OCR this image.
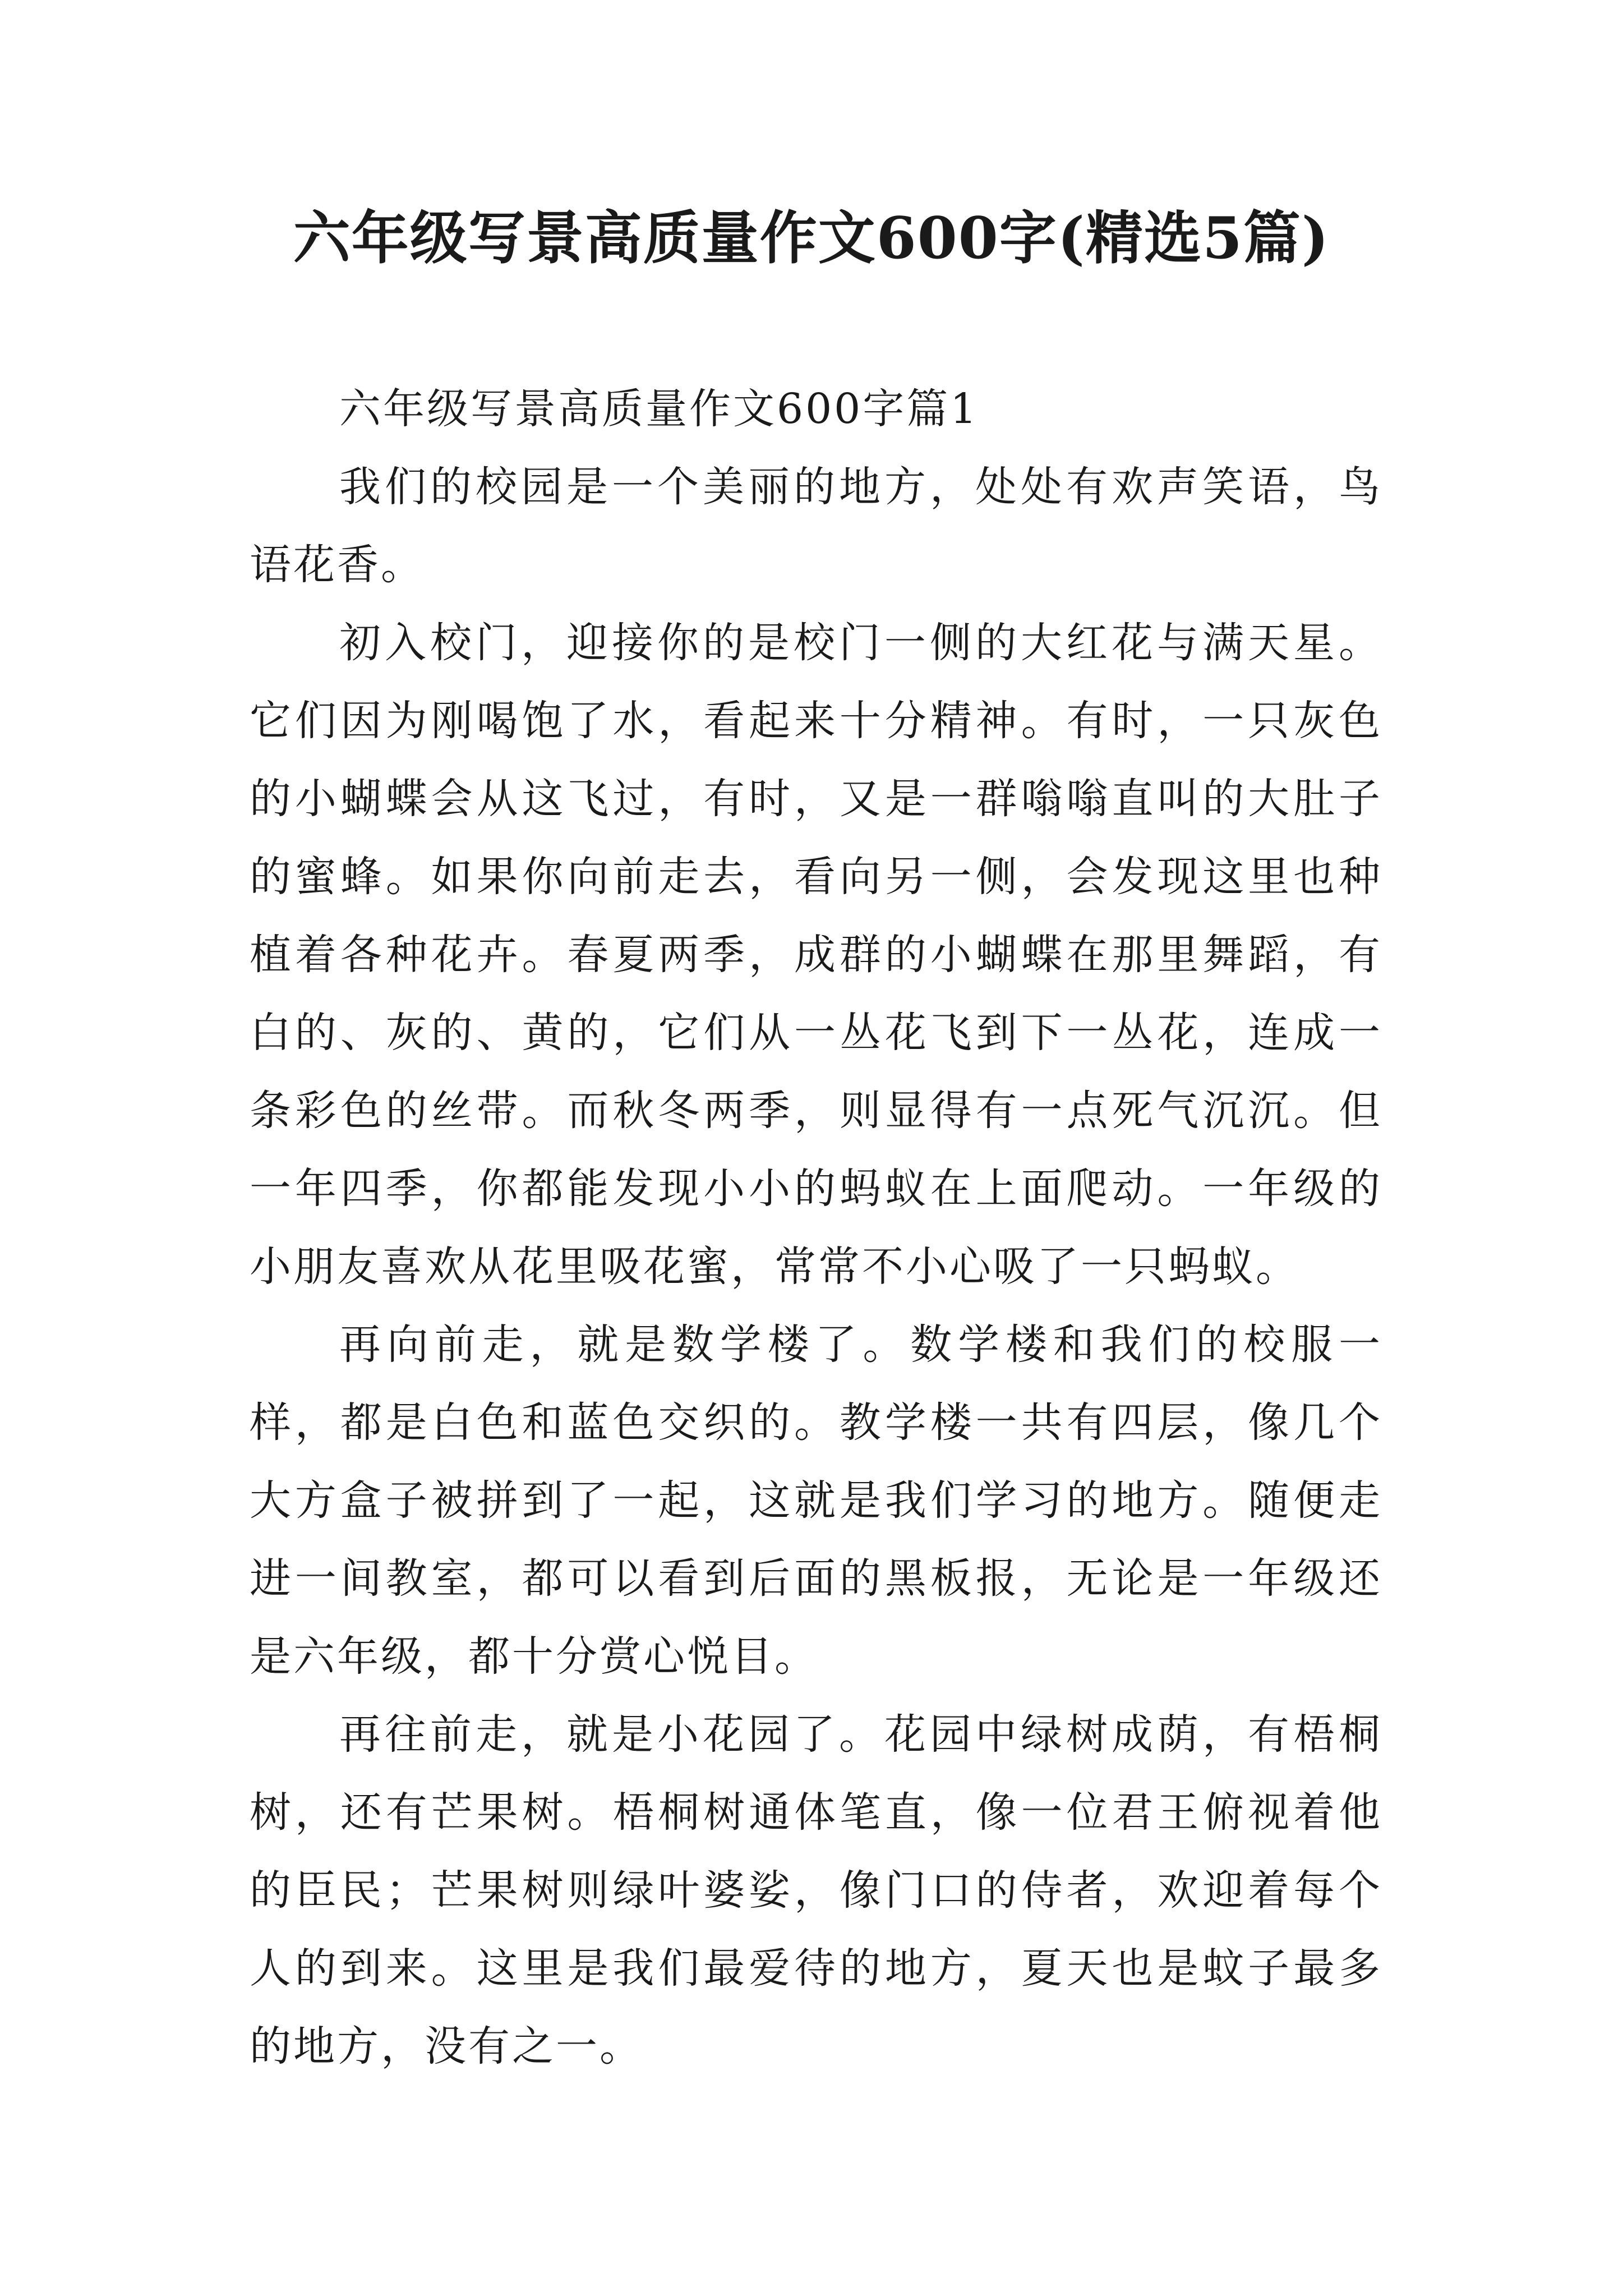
六年级写景高质量作文600字(精选5篇)

六年级写景高质量作文600字篇1

我们的校园是一个美丽的地方，处处有欢声笑语，鸟语花香。

初入校门，迎接你的是校门一侧的大红花与满天星。它们因为刚喝饱了水，看起来十分精神。有时，一只灰色的小蝴蝶会从这飞过，有时，又是一群嗡嗡直叫的大肚子的蜜蜂。如果你向前走去，看向另一侧，会发现这里也种植着各种花卉。春夏两季，成群的小蝴蝶在那里舞蹈，有白的、灰的、黄的，它们从一丛花飞到下一丛花，连成一条彩色的丝带。而秋冬两季，则显得有一点死气沉沉。但一年四季，你都能发现小小的蚂蚁在上面爬动。一年级的小朋友喜欢从花里吸花蜜，常常不小心吸了一只蚂蚁。

再向前走，就是数学楼了。数学楼和我们的校服一样，都是白色和蓝色交织的。教学楼一共有四层，像几个大方盒子被拼到了一起，这就是我们学习的地方。随便走进一间教室，都可以看到后面的黑板报，无论是一年级还是六年级，都十分赏心悦目。

再往前走，就是小花园了。花园中绿树成荫，有梧桐树，还有芒果树。梧桐树通体笔直，像一位君王俯视着他的臣民；芒果树则绿叶婆娑，像门口的侍者，欢迎着每个人的到来。这里是我们最爱待的地方，夏天也是蚊子最多的地方，没有之一。
